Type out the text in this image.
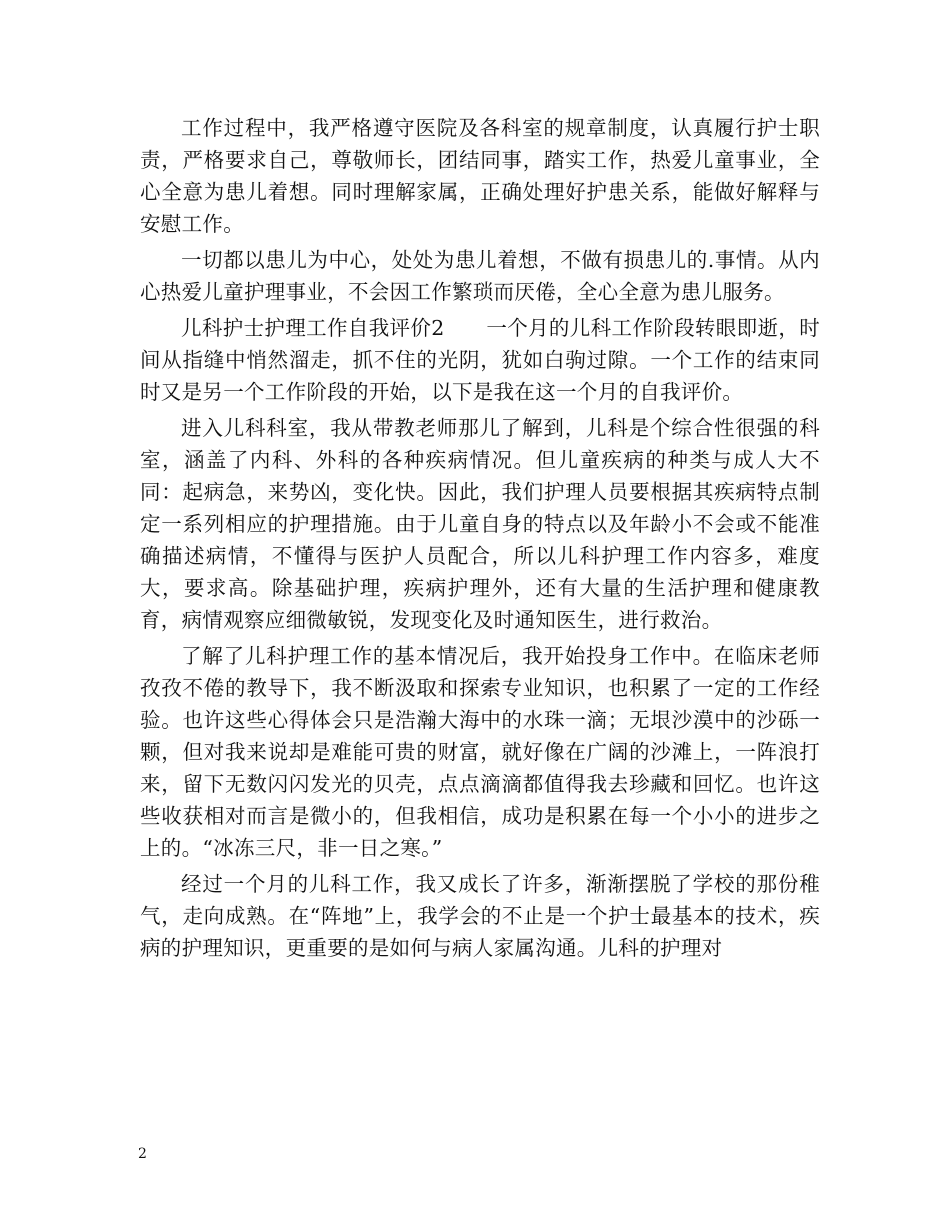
工作过程中，我严格遵守医院及各科室的规章制度，认真履行护士职责，严格要求自己，尊敬师长，团结同事，踏实工作，热爱儿童事业，全心全意为患儿着想。同时理解家属，正确处理好护患关系，能做好解释与安慰工作。

一切都以患儿为中心，处处为患儿着想，不做有损患儿的.事情。从内心热爱儿童护理事业，不会因工作繁琐而厌倦，全心全意为患儿服务。

儿科护士护理工作自我评价2　　一个月的儿科工作阶段转眼即逝，时间从指缝中悄然溜走，抓不住的光阴，犹如白驹过隙。一个工作的结束同时又是另一个工作阶段的开始，以下是我在这一个月的自我评价。

进入儿科科室，我从带教老师那儿了解到，儿科是个综合性很强的科室，涵盖了内科、外科的各种疾病情况。但儿童疾病的种类与成人大不同：起病急，来势凶，变化快。因此，我们护理人员要根据其疾病特点制定一系列相应的护理措施。由于儿童自身的特点以及年龄小不会或不能准确描述病情，不懂得与医护人员配合，所以儿科护理工作内容多，难度大，要求高。除基础护理，疾病护理外，还有大量的生活护理和健康教育，病情观察应细微敏锐，发现变化及时通知医生，进行救治。

了解了儿科护理工作的基本情况后，我开始投身工作中。在临床老师孜孜不倦的教导下，我不断汲取和探索专业知识，也积累了一定的工作经验。也许这些心得体会只是浩瀚大海中的水珠一滴；无垠沙漠中的沙砾一颗，但对我来说却是难能可贵的财富，就好像在广阔的沙滩上，一阵浪打来，留下无数闪闪发光的贝壳，点点滴滴都值得我去珍藏和回忆。也许这些收获相对而言是微小的，但我相信，成功是积累在每一个小小的进步之上的。“冰冻三尺，非一日之寒。”

经过一个月的儿科工作，我又成长了许多，渐渐摆脱了学校的那份稚气，走向成熟。在“阵地”上，我学会的不止是一个护士最基本的技术，疾病的护理知识，更重要的是如何与病人家属沟通。儿科的护理对

2
